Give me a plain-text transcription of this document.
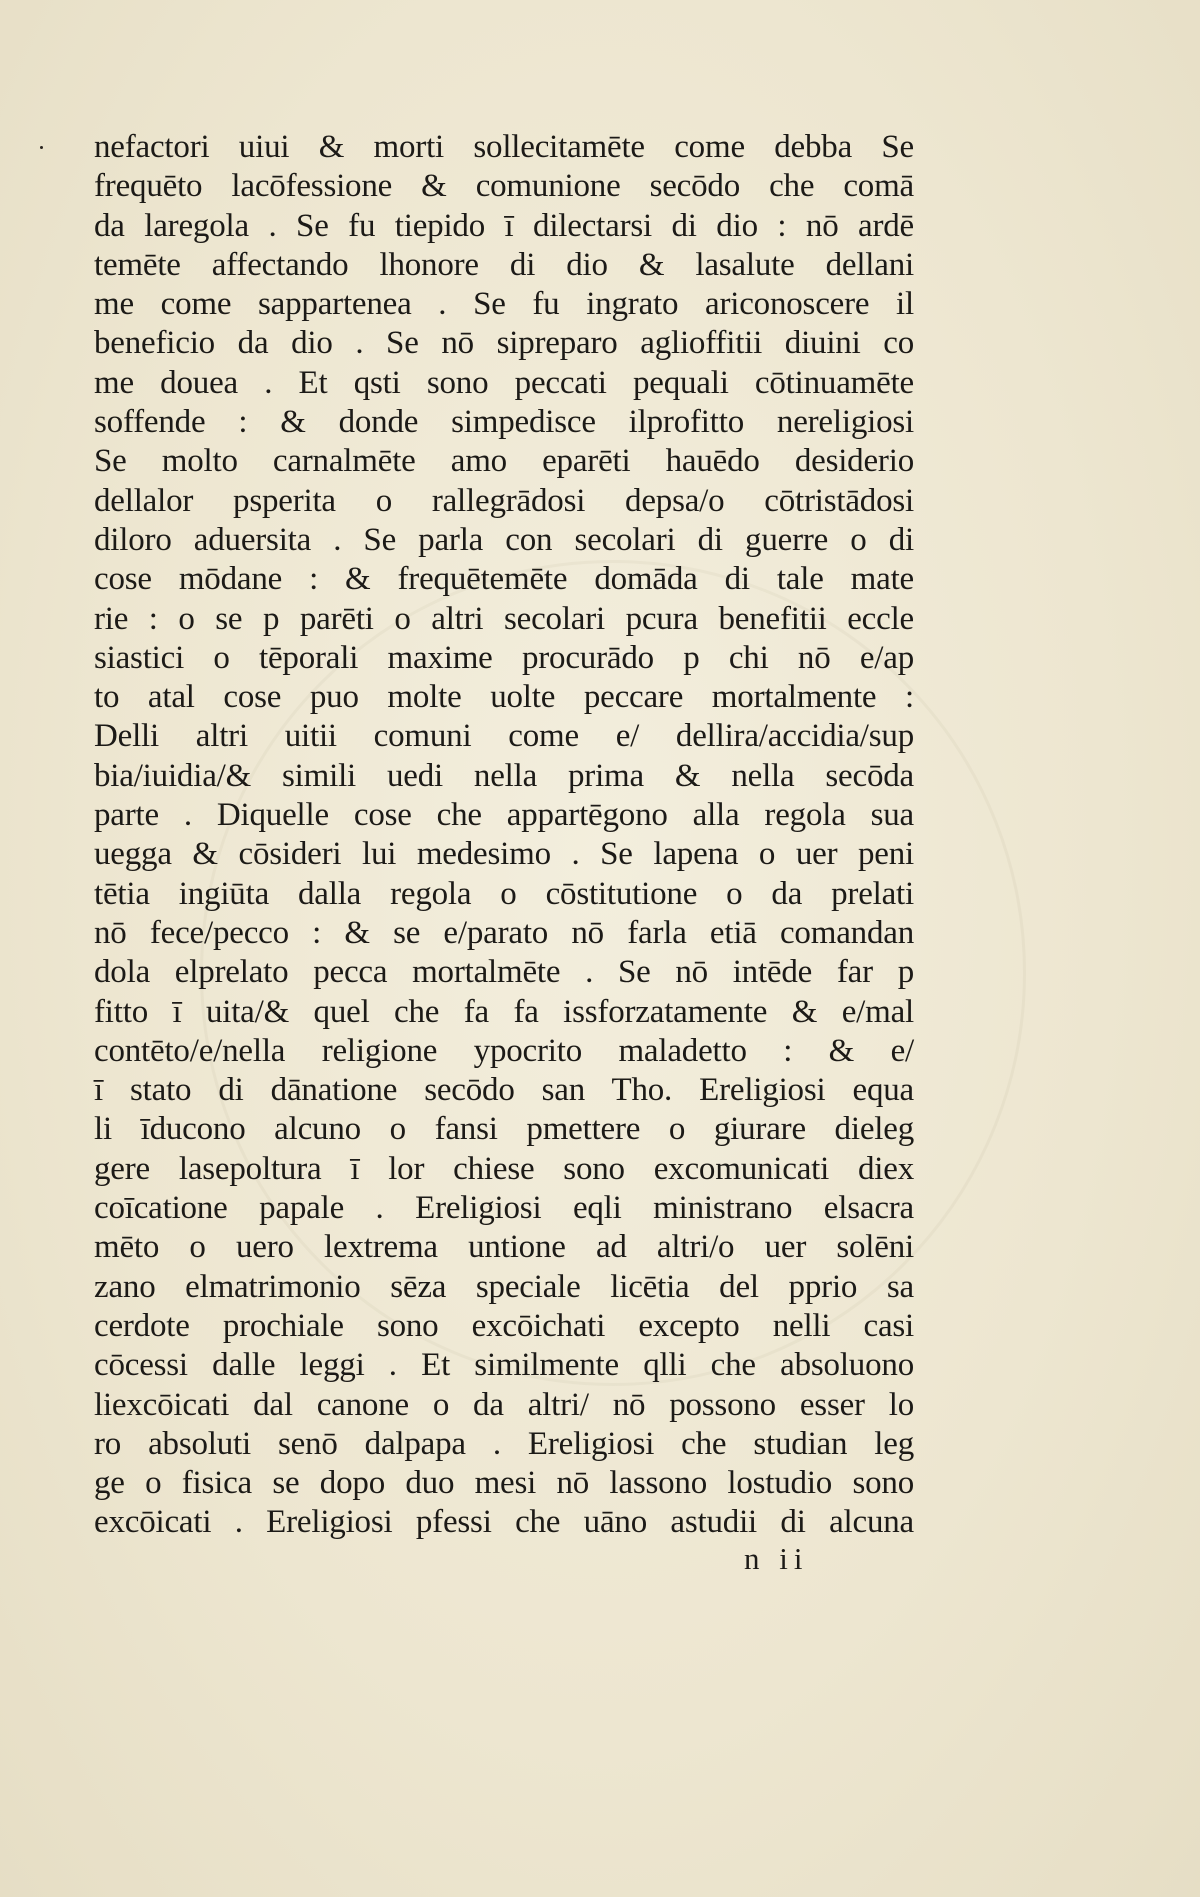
nefactori uiui & morti sollecitamēte come debba Se
frequēto lacōfessione & comunione secōdo che comā
da laregola . Se fu tiepido ī dilectarsi di dio : nō ardē
temēte affectando lhonore di dio & lasalute dellani
me come sappartenea . Se fu ingrato ariconoscere il
beneficio da dio . Se nō sipreparo aglioffitii diuini co
me douea . Et qsti sono peccati pequali cōtinuamēte
soffende : & donde simpedisce ilprofitto nereligiosi
Se molto carnalmēte amo eparēti hauēdo desiderio
dellalor psperita o rallegrādosi depsa/o cōtristādosi
diloro aduersita . Se parla con secolari di guerre o di
cose mōdane : & frequētemēte domāda di tale mate
rie : o se p parēti o altri secolari pcura benefitii eccle
siastici o tēporali maxime procurādo p chi nō e/ap
to atal cose puo molte uolte peccare mortalmente :
Delli altri uitii comuni come e/ dellira/accidia/sup
bia/iuidia/& simili uedi nella prima & nella secōda
parte . Diquelle cose che appartēgono alla regola sua
uegga & cōsideri lui medesimo . Se lapena o uer peni
tētia ingiūta dalla regola o cōstitutione o da prelati
nō fece/pecco : & se e/parato nō farla etiā comandan
dola elprelato pecca mortalmēte . Se nō intēde far p
fitto ī uita/& quel che fa fa issforzatamente & e/mal
contēto/e/nella religione ypocrito maladetto : & e/
ī stato di dānatione secōdo san Tho. Ereligiosi equa
li īducono alcuno o fansi pmettere o giurare dieleg
gere lasepoltura ī lor chiese sono excomunicati diex
coīcatione papale . Ereligiosi eqli ministrano elsacra
mēto o uero lextrema untione ad altri/o uer solēni
zano elmatrimonio sēza speciale licētia del pprio sa
cerdote prochiale sono excōichati excepto nelli casi
cōcessi dalle leggi . Et similmente qlli che absoluono
liexcōicati dal canone o da altri/ nō possono esser lo
ro absoluti senō dalpapa . Ereligiosi che studian leg
ge o fisica se dopo duo mesi nō lassono lostudio sono
excōicati . Ereligiosi pfessi che uāno astudii di alcuna
n ii
